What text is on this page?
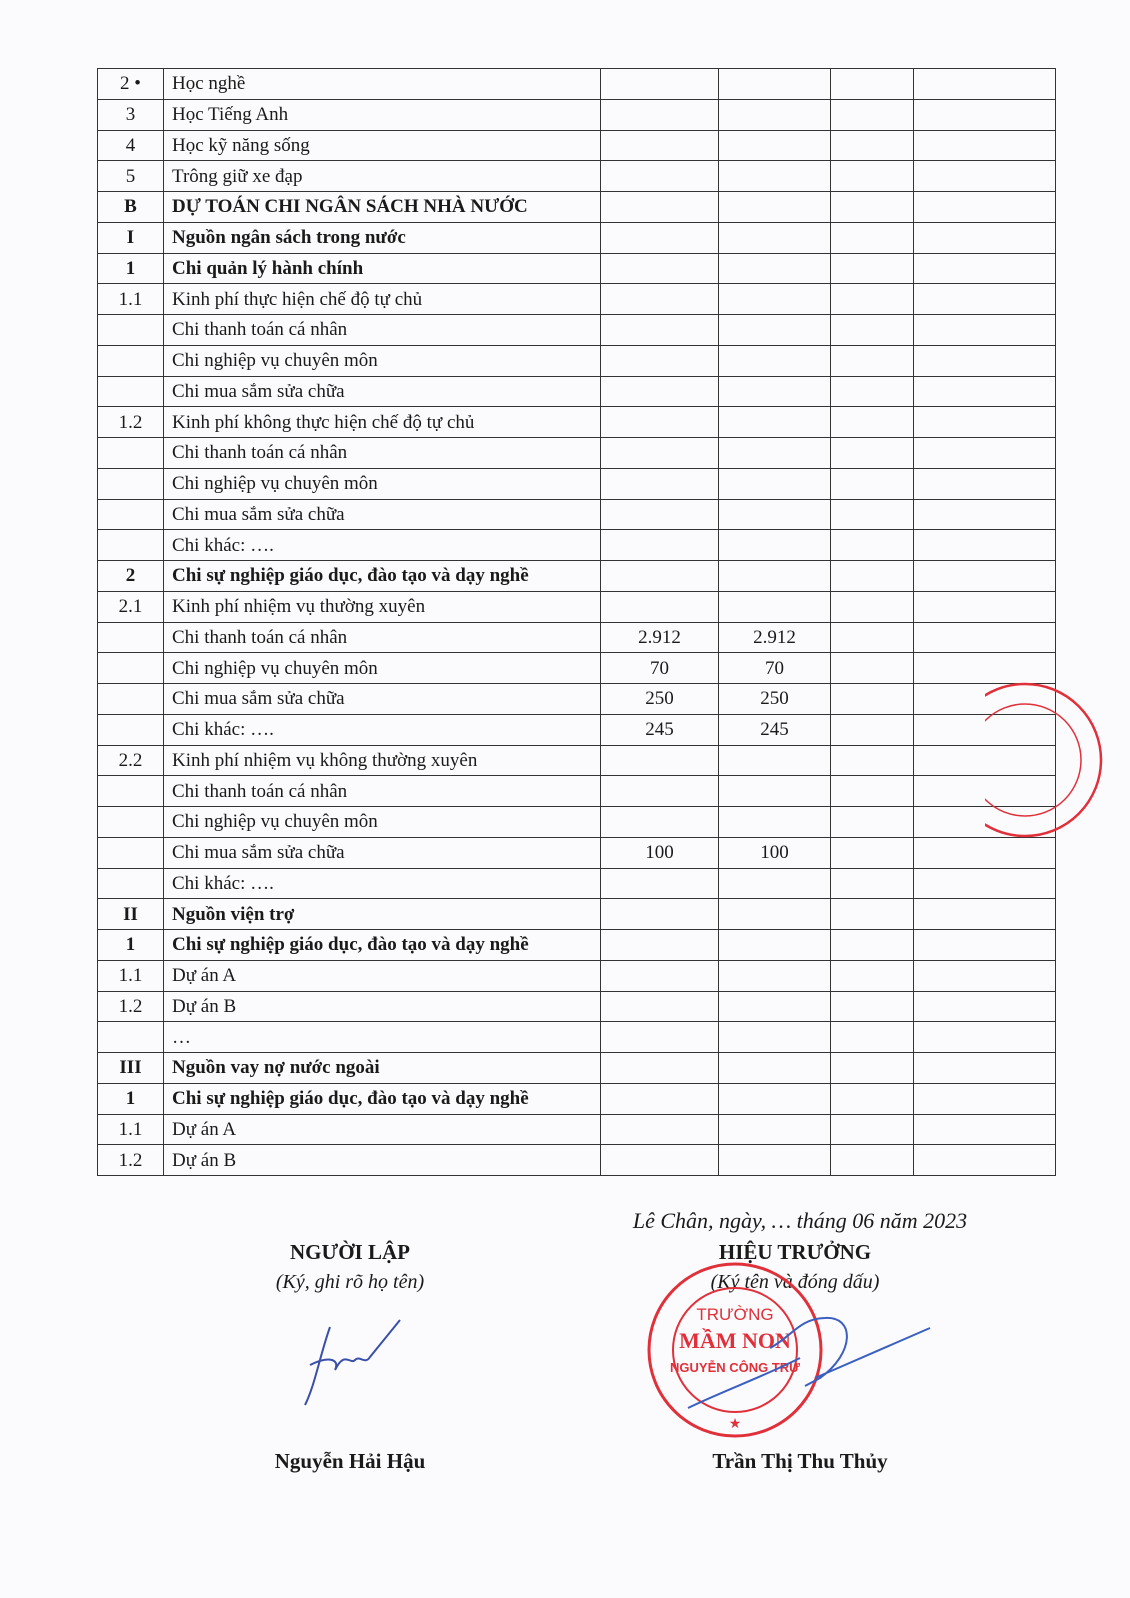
2 •	Học nghề				
3	Học Tiếng Anh				
4	Học kỹ năng sống				
5	Trông giữ xe đạp				
B	DỰ TOÁN CHI NGÂN SÁCH NHÀ NƯỚC				
I	Nguồn ngân sách trong nước				
1	Chi quản lý hành chính				
1.1	Kinh phí thực hiện chế độ tự chủ				
	Chi thanh toán cá nhân				
	Chi nghiệp vụ chuyên môn				
	Chi mua sắm sửa chữa				
1.2	Kinh phí không thực hiện chế độ tự chủ				
	Chi thanh toán cá nhân				
	Chi nghiệp vụ chuyên môn				
	Chi mua sắm sửa chữa				
	Chi khác: ….				
2	Chi sự nghiệp giáo dục, đào tạo và dạy nghề				
2.1	Kinh phí nhiệm vụ thường xuyên				
	Chi thanh toán cá nhân	2.912	2.912		
	Chi nghiệp vụ chuyên môn	70	70		
	Chi mua sắm sửa chữa	250	250		
	Chi khác: ….	245	245		
2.2	Kinh phí nhiệm vụ không thường xuyên				
	Chi thanh toán cá nhân				
	Chi nghiệp vụ chuyên môn				
	Chi mua sắm sửa chữa	100	100		
	Chi khác: ….				
II	Nguồn viện trợ				
1	Chi sự nghiệp giáo dục, đào tạo và dạy nghề				
1.1	Dự án A				
1.2	Dự án B				
	…				
III	Nguồn vay nợ nước ngoài				
1	Chi sự nghiệp giáo dục, đào tạo và dạy nghề				
1.1	Dự án A				
1.2	Dự án B				
Lê Chân, ngày, … tháng 06 năm 2023
NGƯỜI LẬP
(Ký, ghi rõ họ tên)
Nguyễn Hải Hậu
HIỆU TRƯỞNG
(Ký tên và đóng dấu)
Trần Thị Thu Thủy
TRƯỜNG
MẦM NON
NGUYỄN CÔNG TRỨ
★
